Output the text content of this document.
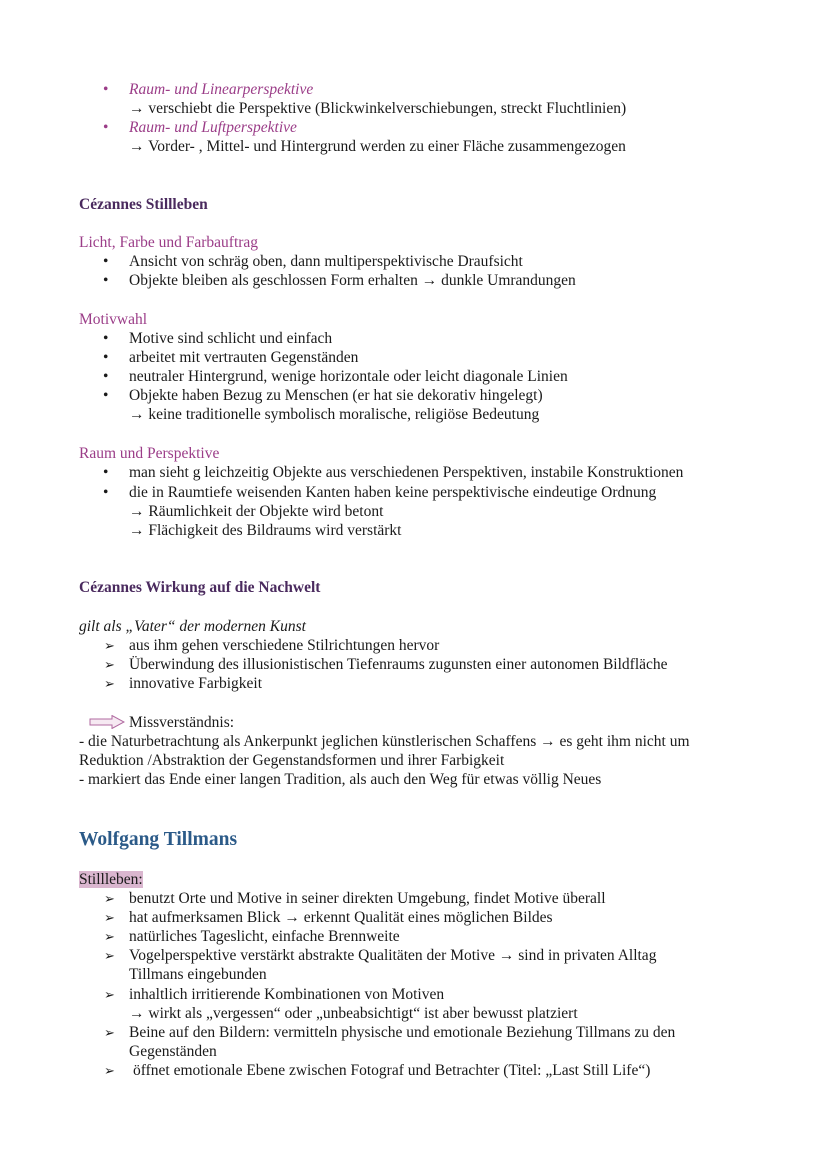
• Raum- und Linearperspektive
→ verschiebt die Perspektive (Blickwinkelverschiebungen, streckt Fluchtlinien)
• Raum- und Luftperspektive
→ Vorder- , Mittel- und Hintergrund werden zu einer Fläche zusammengezogen
Cézannes Stillleben
Licht, Farbe und Farbauftrag
• Ansicht von schräg oben, dann multiperspektivische Draufsicht
• Objekte bleiben als geschlossen Form erhalten → dunkle Umrandungen
Motivwahl
• Motive sind schlicht und einfach
• arbeitet mit vertrauten Gegenständen
• neutraler Hintergrund, wenige horizontale oder leicht diagonale Linien
• Objekte haben Bezug zu Menschen (er hat sie dekorativ hingelegt)
→ keine traditionelle symbolisch moralische, religiöse Bedeutung
Raum und Perspektive
• man sieht g leichzeitig Objekte aus verschiedenen Perspektiven, instabile Konstruktionen
• die in Raumtiefe weisenden Kanten haben keine perspektivische eindeutige Ordnung
→ Räumlichkeit der Objekte wird betont
→ Flächigkeit des Bildraums wird verstärkt
Cézannes Wirkung auf die Nachwelt
gilt als „Vater“ der modernen Kunst
➢ aus ihm gehen verschiedene Stilrichtungen hervor
➢ Überwindung des illusionistischen Tiefenraums zugunsten einer autonomen Bildfläche
➢ innovative Farbigkeit
Missverständnis:
- die Naturbetrachtung als Ankerpunkt jeglichen künstlerischen Schaffens → es geht ihm nicht um
Reduktion /Abstraktion der Gegenstandsformen und ihrer Farbigkeit
- markiert das Ende einer langen Tradition, als auch den Weg für etwas völlig Neues
Wolfgang Tillmans
Stillleben:
➢ benutzt Orte und Motive in seiner direkten Umgebung, findet Motive überall
➢ hat aufmerksamen Blick → erkennt Qualität eines möglichen Bildes
➢ natürliches Tageslicht, einfache Brennweite
➢ Vogelperspektive verstärkt abstrakte Qualitäten der Motive → sind in privaten Alltag
Tillmans eingebunden
➢ inhaltlich irritierende Kombinationen von Motiven
→ wirkt als „vergessen“ oder „unbeabsichtigt“ ist aber bewusst platziert
➢ Beine auf den Bildern: vermitteln physische und emotionale Beziehung Tillmans zu den
Gegenständen
➢ öffnet emotionale Ebene zwischen Fotograf und Betrachter (Titel: „Last Still Life“)
